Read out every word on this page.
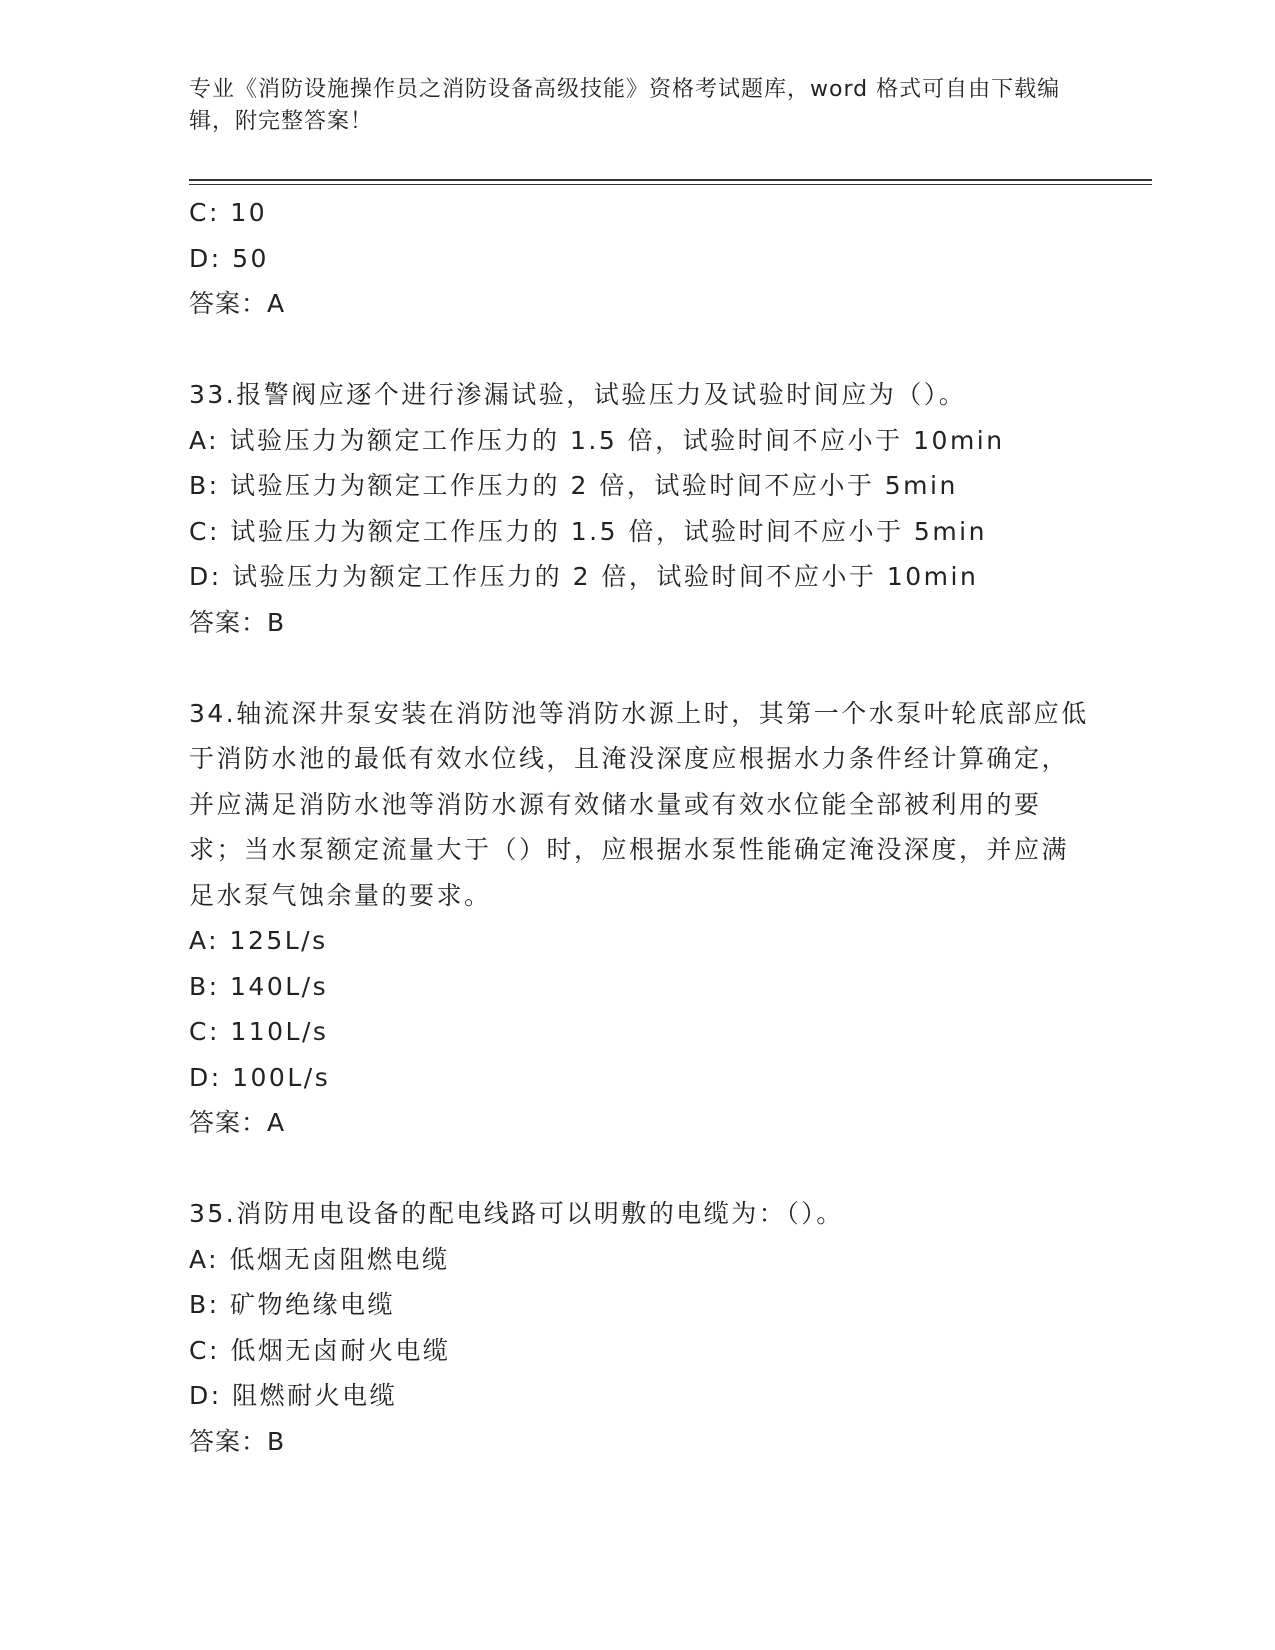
专业《消防设施操作员之消防设备高级技能》资格考试题库，word 格式可自由下载编辑，附完整答案！
C: 10
D: 50
答案：A
33.报警阀应逐个进行渗漏试验，试验压力及试验时间应为（）。
A: 试验压力为额定工作压力的 1.5 倍，试验时间不应小于 10min
B: 试验压力为额定工作压力的 2 倍，试验时间不应小于 5min
C: 试验压力为额定工作压力的 1.5 倍，试验时间不应小于 5min
D: 试验压力为额定工作压力的 2 倍，试验时间不应小于 10min
答案：B
34.轴流深井泵安装在消防池等消防水源上时，其第一个水泵叶轮底部应低于消防水池的最低有效水位线，且淹没深度应根据水力条件经计算确定，并应满足消防水池等消防水源有效储水量或有效水位能全部被利用的要求；当水泵额定流量大于（）时，应根据水泵性能确定淹没深度，并应满足水泵气蚀余量的要求。
A: 125L/s
B: 140L/s
C: 110L/s
D: 100L/s
答案：A
35.消防用电设备的配电线路可以明敷的电缆为：（）。
A: 低烟无卤阻燃电缆
B: 矿物绝缘电缆
C: 低烟无卤耐火电缆
D: 阻燃耐火电缆
答案：B
